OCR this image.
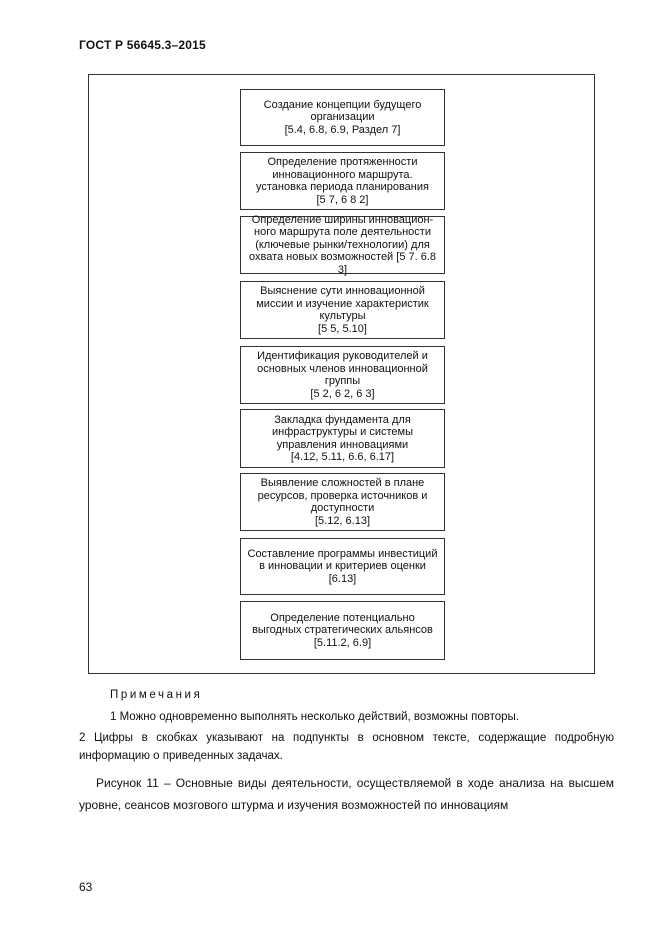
ГОСТ Р 56645.3–2015
Создание концепции будущего
организации
[5.4, 6.8, 6.9, Раздел 7]
Определение протяженности
инновационного маршрута.
установка периода планирования
[5 7, 6 8 2]
Определение ширины инновацион-
ного маршрута поле деятельности
(ключевые рынки/технологии) для
охвата новых возможностей [5 7. 6.8 3]
Выяснение сути инновационной
миссии и изучение характеристик
культуры
[5 5, 5.10]
Идентификация руководителей и
основных членов инновационной
группы
[5 2, 6 2, 6 3]
Закладка фундамента для
инфраструктуры и системы
управления инновациями
[4.12, 5.11, 6.6, 6.17]
Выявление сложностей в плане
ресурсов, проверка источников и
доступности
[5.12, 6.13]
Составление программы инвестиций
в инновации и критериев оценки
[6.13]
Определение потенциально
выгодных стратегических альянсов
[5.11.2, 6.9]
Примечания
1 Можно одновременно выполнять несколько действий, возможны повторы.
2 Цифры в скобках указывают на подпункты в основном тексте, содержащие подробную информацию о приведенных задачах.
Рисунок 11 – Основные виды деятельности, осуществляемой в ходе анализа на высшем уровне, сеансов мозгового штурма и изучения возможностей по инновациям
63
